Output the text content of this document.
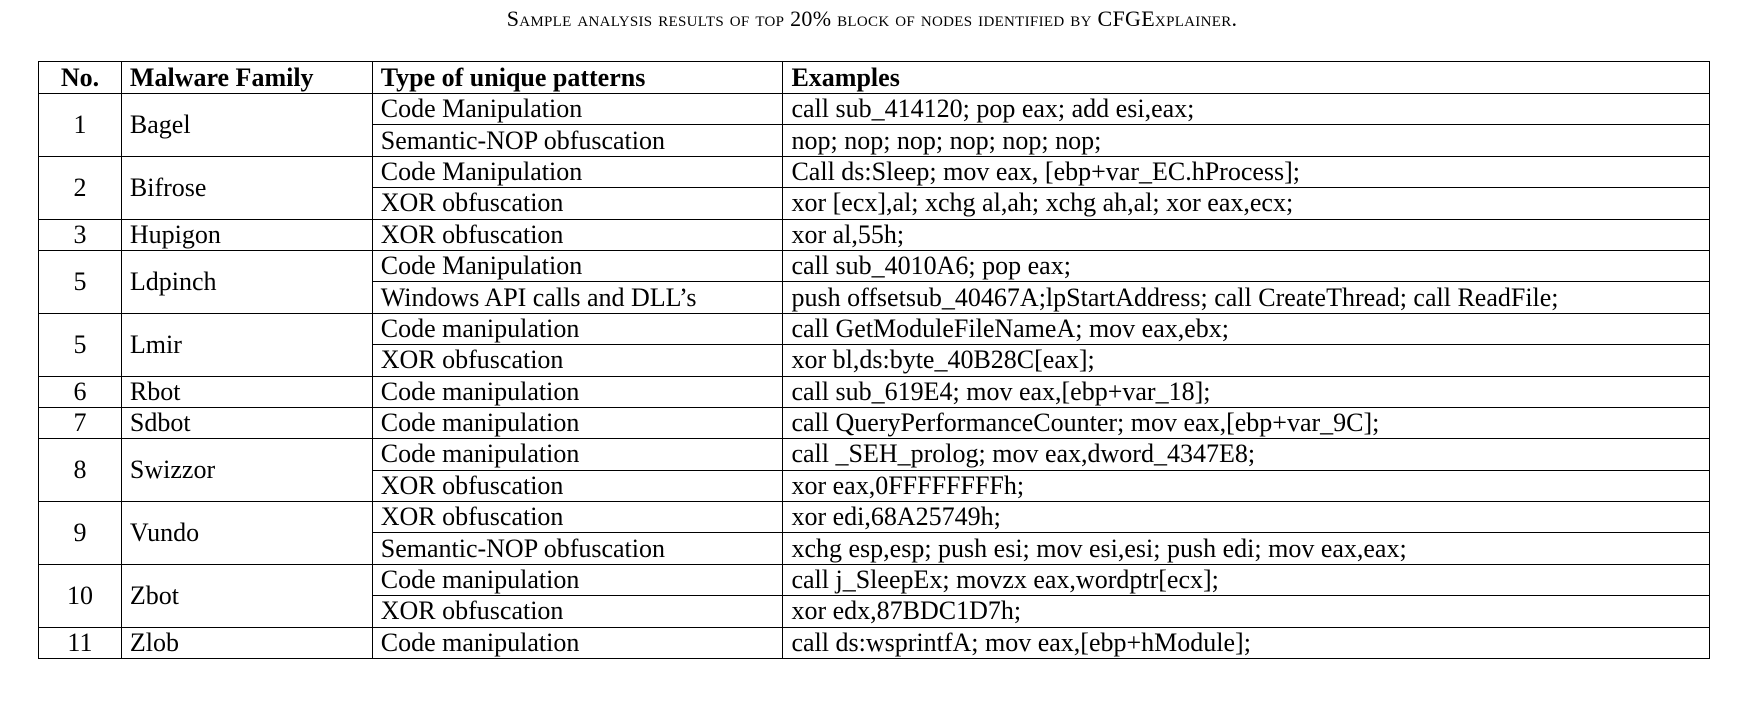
Sample analysis results of top 20% block of nodes identified by CFGExplainer.
No.	Malware Family	Type of unique patterns	Examples
1	Bagel	Code Manipulation	call sub_414120; pop eax; add esi,eax;
		Semantic-NOP obfuscation	nop; nop; nop; nop; nop; nop;
2	Bifrose	Code Manipulation	Call ds:Sleep; mov eax, [ebp+var_EC.hProcess];
		XOR obfuscation	xor [ecx],al; xchg al,ah; xchg ah,al; xor eax,ecx;
3	Hupigon	XOR obfuscation	xor al,55h;
5	Ldpinch	Code Manipulation	call sub_4010A6; pop eax;
		Windows API calls and DLL’s	push offsetsub_40467A;lpStartAddress; call CreateThread; call ReadFile;
5	Lmir	Code manipulation	call GetModuleFileNameA; mov eax,ebx;
		XOR obfuscation	xor bl,ds:byte_40B28C[eax];
6	Rbot	Code manipulation	call sub_619E4; mov eax,[ebp+var_18];
7	Sdbot	Code manipulation	call QueryPerformanceCounter; mov eax,[ebp+var_9C];
8	Swizzor	Code manipulation	call _SEH_prolog; mov eax,dword_4347E8;
		XOR obfuscation	xor eax,0FFFFFFFFh;
9	Vundo	XOR obfuscation	xor edi,68A25749h;
		Semantic-NOP obfuscation	xchg esp,esp; push esi; mov esi,esi; push edi; mov eax,eax;
10	Zbot	Code manipulation	call j_SleepEx; movzx eax,wordptr[ecx];
		XOR obfuscation	xor edx,87BDC1D7h;
11	Zlob	Code manipulation	call ds:wsprintfA; mov eax,[ebp+hModule];
